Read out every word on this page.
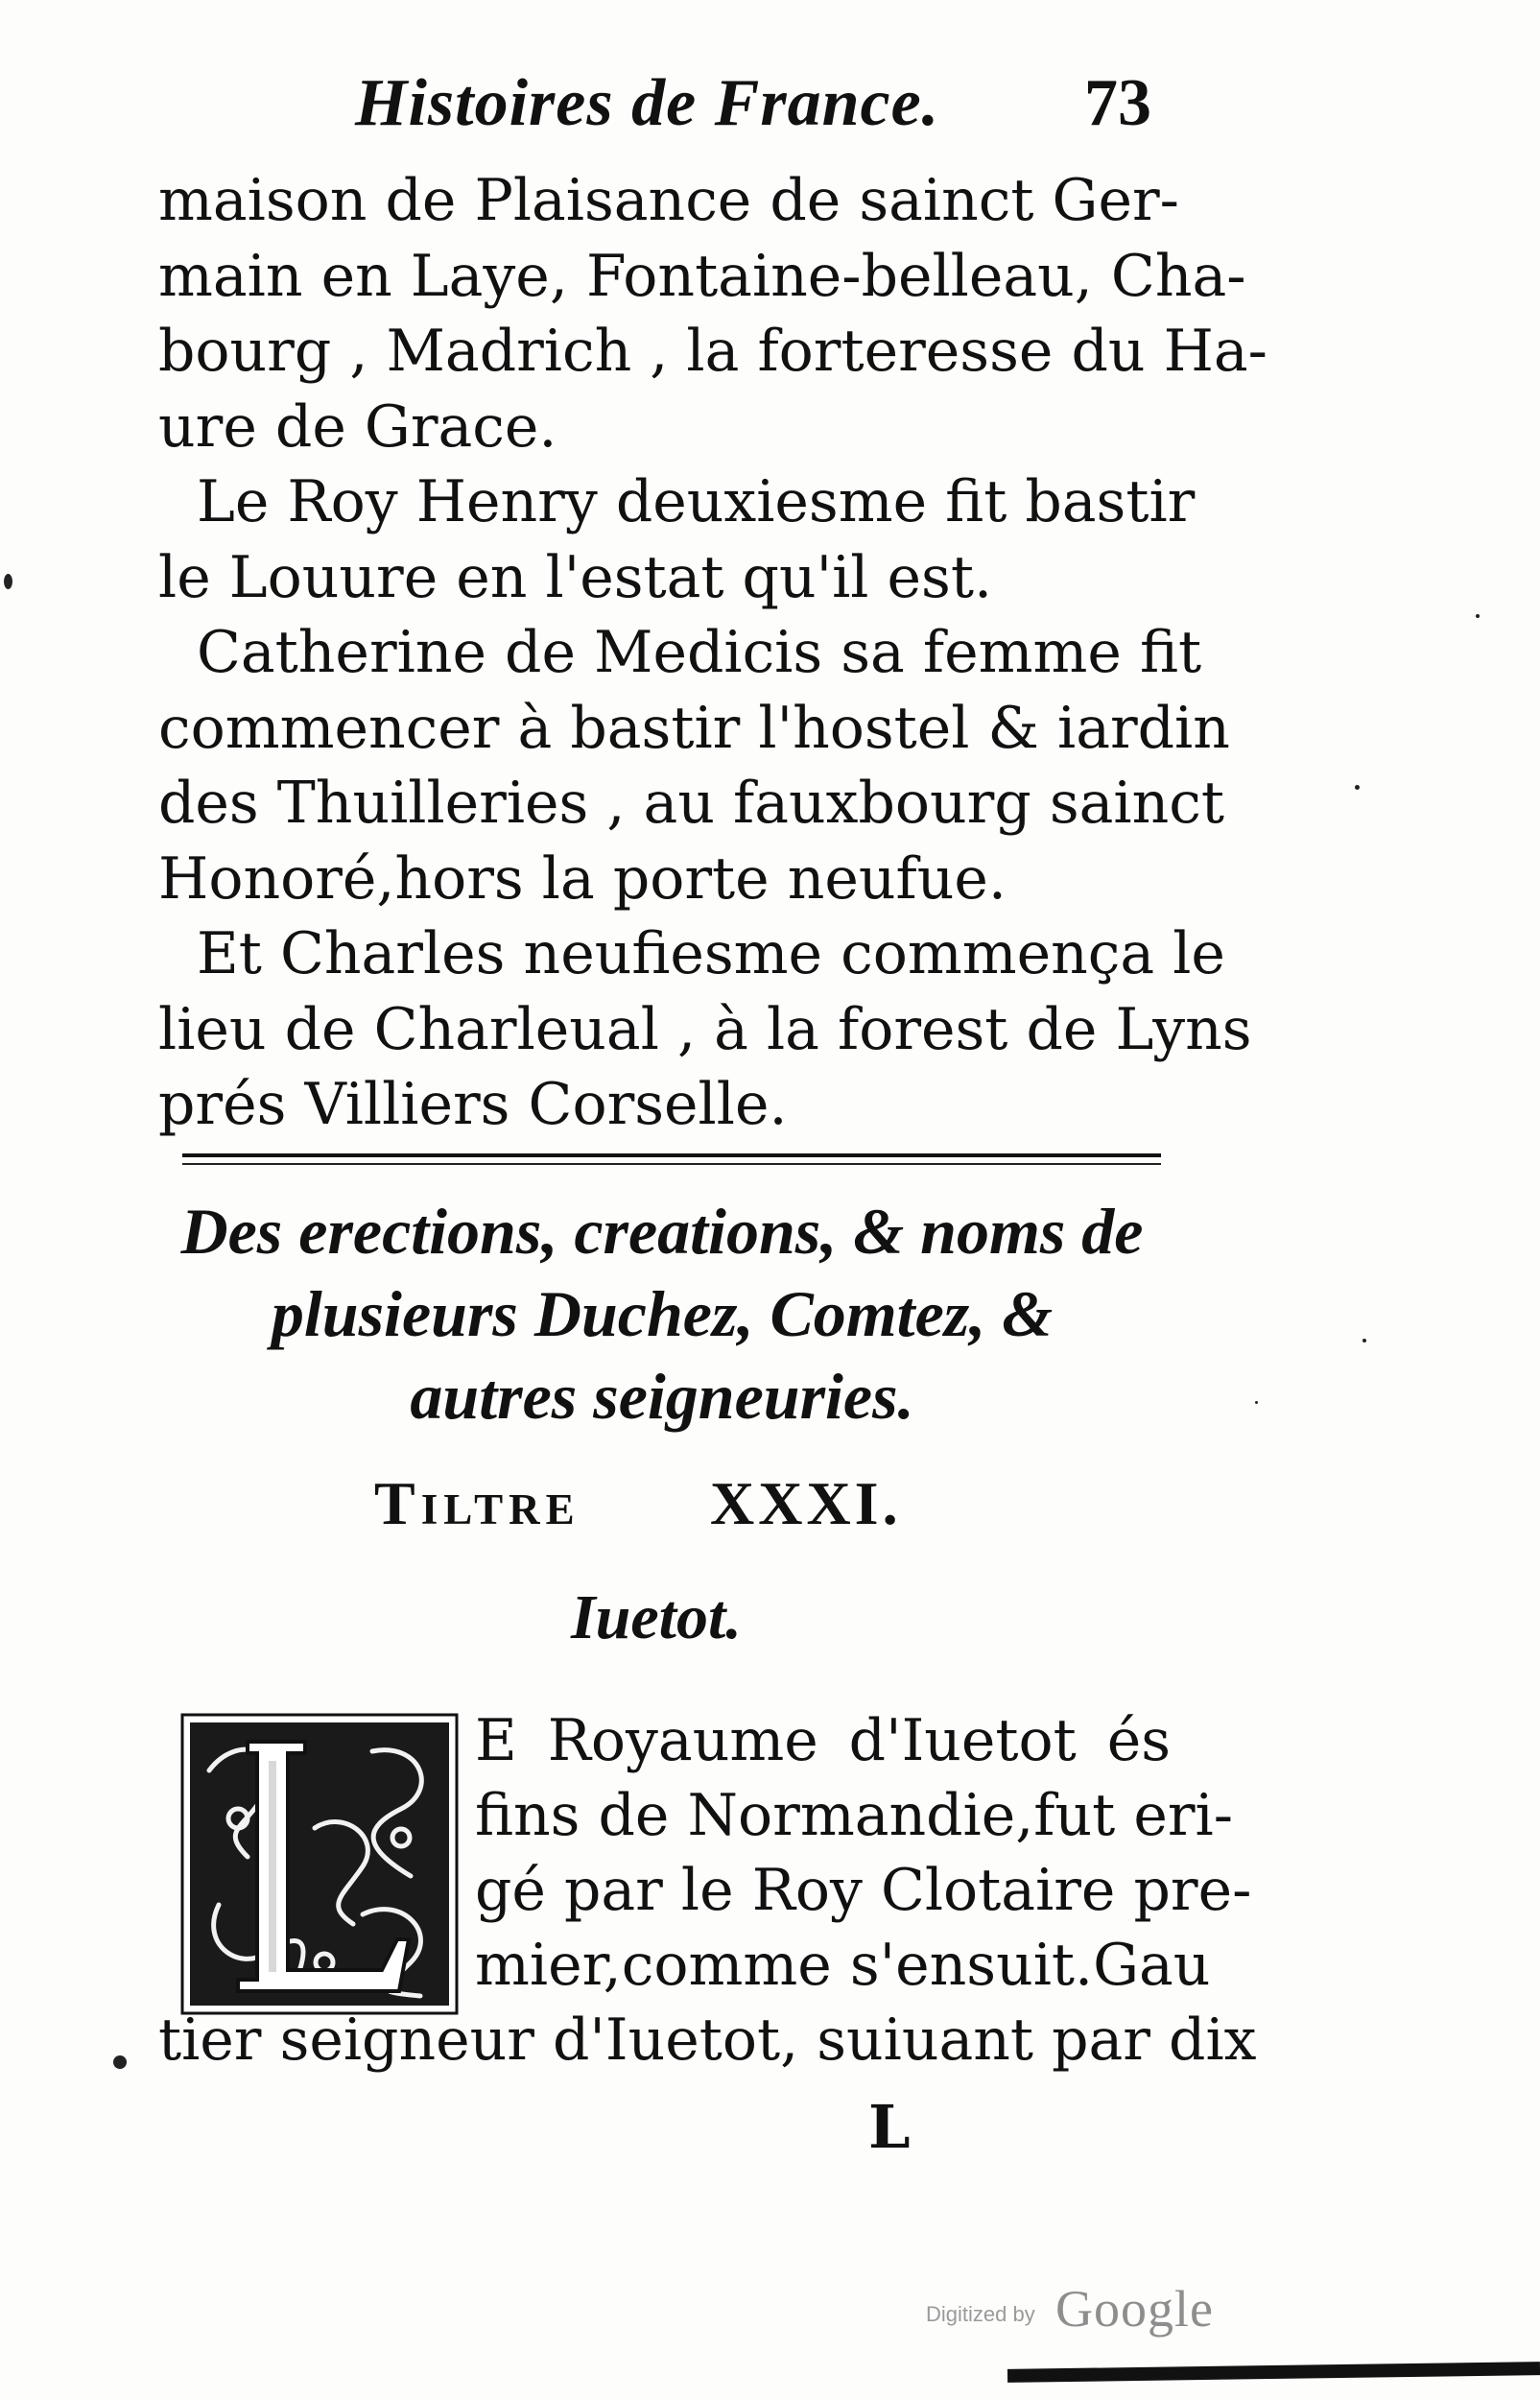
Histoires de France. 73
maison de Plaisance de sainct Ger-
main en Laye, Fontaine-belleau, Cha-
bourg , Madrich , la forteresse du Ha-
ure de Grace.
Le Roy Henry deuxiesme fit bastir
le Louure en l'estat qu'il est.
Catherine de Medicis sa femme fit
commencer à bastir l'hostel & iardin
des Thuilleries , au fauxbourg sainct
Honoré,hors la porte neufue.
Et Charles neufiesme commença le
lieu de Charleual , à la forest de Lyns
prés Villiers Corselle.
Des erections, creations, & noms de
plusieurs Duchez, Comtez, &
autres seigneuries.
Tiltre XXXI.
Iuetot.
E Royaume d'Iuetot és
fins de Normandie,fut eri-
gé par le Roy Clotaire pre-
mier,comme s'ensuit.Gau
tier seigneur d'Iuetot, suiuant par dix
L
Digitized by Google
